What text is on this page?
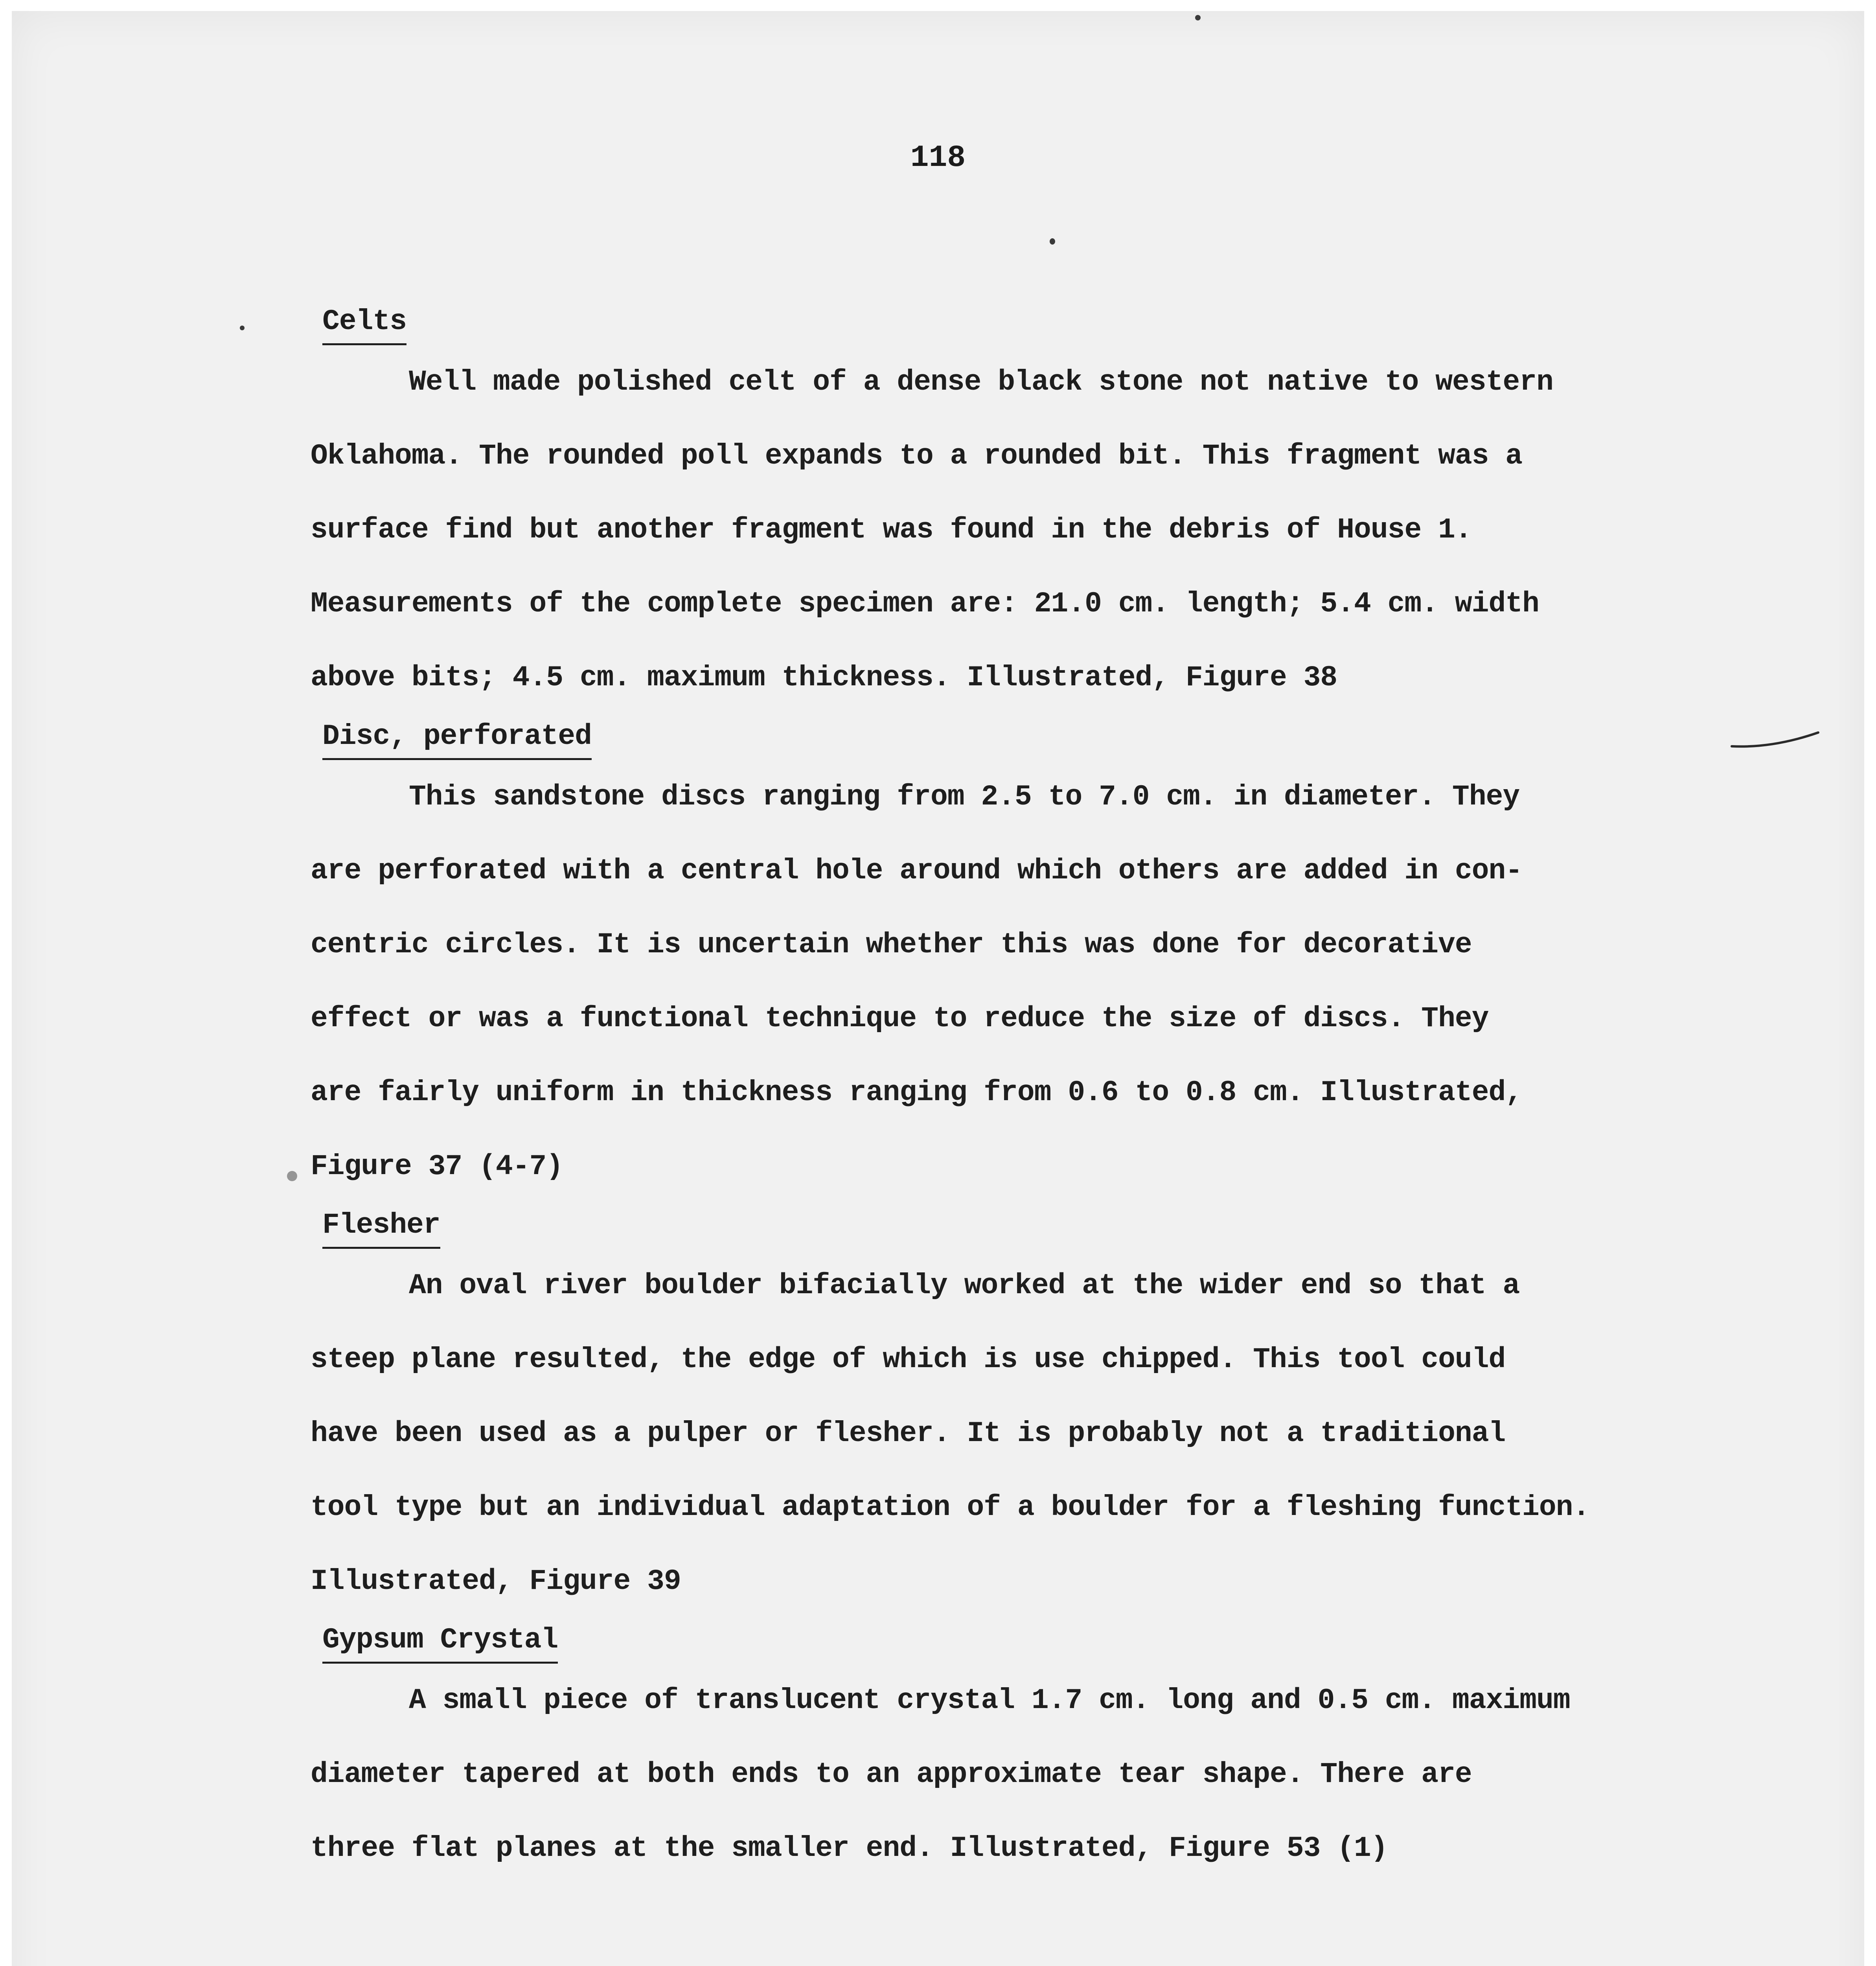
118
Celts
Well made polished celt of a dense black stone not native to western
Oklahoma. The rounded poll expands to a rounded bit. This fragment was a
surface find but another fragment was found in the debris of House 1.
Measurements of the complete specimen are: 21.0 cm. length; 5.4 cm. width
above bits; 4.5 cm. maximum thickness. Illustrated, Figure 38
Disc, perforated
This sandstone discs ranging from 2.5 to 7.0 cm. in diameter. They
are perforated with a central hole around which others are added in con-
centric circles. It is uncertain whether this was done for decorative
effect or was a functional technique to reduce the size of discs. They
are fairly uniform in thickness ranging from 0.6 to 0.8 cm. Illustrated,
Figure 37 (4-7)
Flesher
An oval river boulder bifacially worked at the wider end so that a
steep plane resulted, the edge of which is use chipped. This tool could
have been used as a pulper or flesher. It is probably not a traditional
tool type but an individual adaptation of a boulder for a fleshing function.
Illustrated, Figure 39
Gypsum Crystal
A small piece of translucent crystal 1.7 cm. long and 0.5 cm. maximum
diameter tapered at both ends to an approximate tear shape. There are
three flat planes at the smaller end. Illustrated, Figure 53 (1)
